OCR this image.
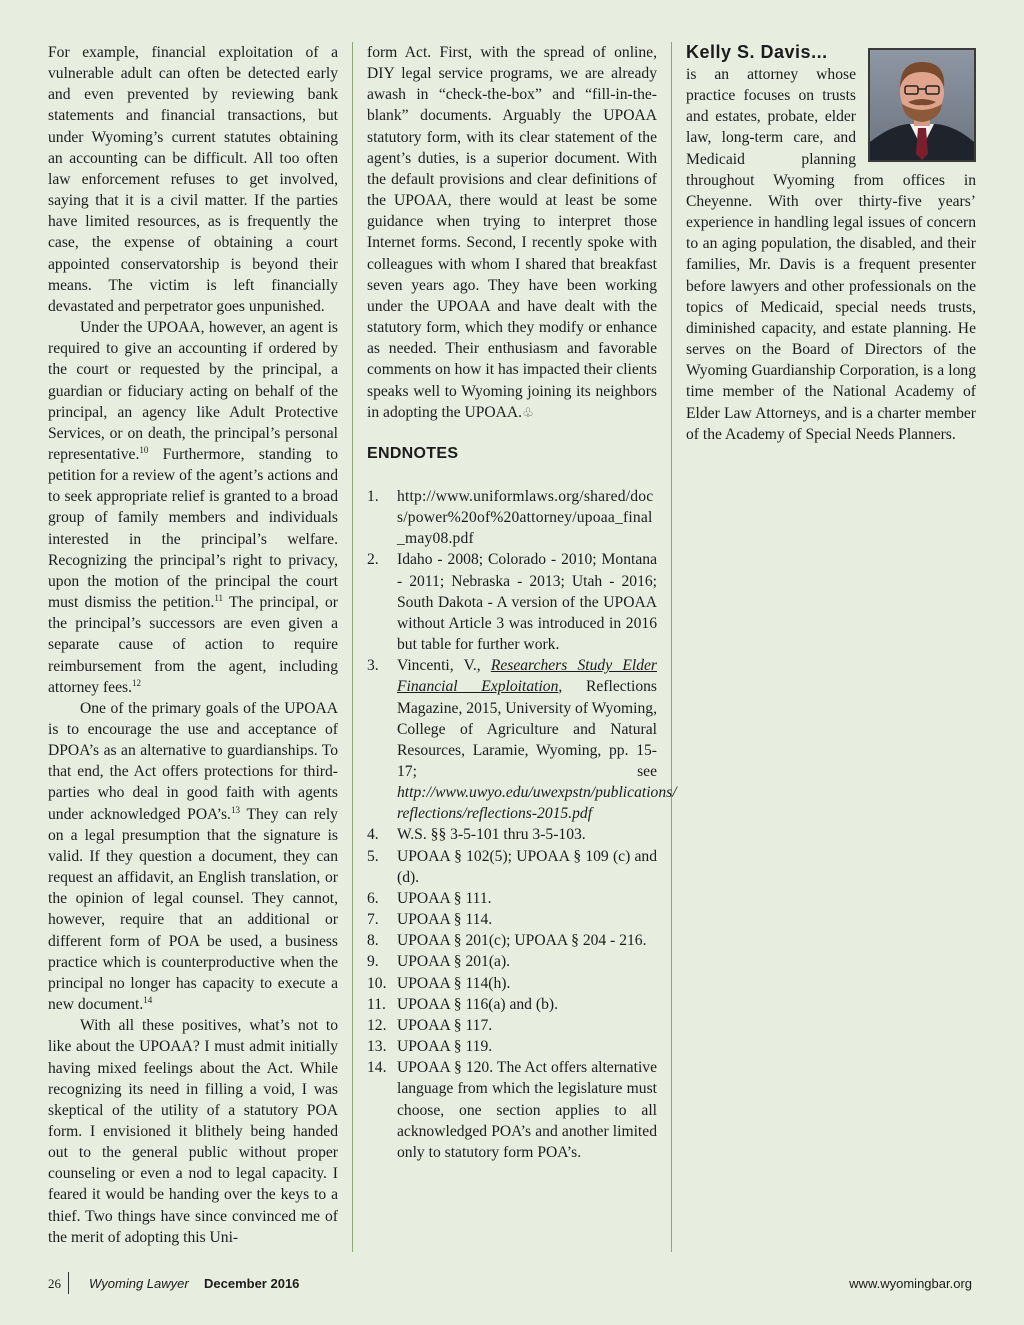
For example, financial exploitation of a vulnerable adult can often be detected early and even prevented by reviewing bank statements and financial transactions, but under Wyoming’s current statutes obtaining an accounting can be difficult. All too often law enforcement refuses to get involved, saying that it is a civil matter. If the parties have limited resources, as is frequently the case, the expense of obtaining a court appointed conservatorship is beyond their means. The victim is left financially devastated and perpetrator goes unpunished.

Under the UPOAA, however, an agent is required to give an accounting if ordered by the court or requested by the principal, a guardian or fiduciary acting on behalf of the principal, an agency like Adult Protective Services, or on death, the principal’s personal representative.$^{10}$ Furthermore, standing to petition for a review of the agent’s actions and to seek appropriate relief is granted to a broad group of family members and individuals interested in the principal’s welfare. Recognizing the principal’s right to privacy, upon the motion of the principal the court must dismiss the petition.$^{11}$ The principal, or the principal’s successors are even given a separate cause of action to require reimbursement from the agent, including attorney fees.$^{12}$

One of the primary goals of the UPOAA is to encourage the use and acceptance of DPOA’s as an alternative to guardianships. To that end, the Act offers protections for third-parties who deal in good faith with agents under acknowledged POA’s.$^{13}$ They can rely on a legal presumption that the signature is valid. If they question a document, they can request an affidavit, an English translation, or the opinion of legal counsel. They cannot, however, require that an additional or different form of POA be used, a business practice which is counterproductive when the principal no longer has capacity to execute a new document.$^{14}$

With all these positives, what’s not to like about the UPOAA? I must admit initially having mixed feelings about the Act. While recognizing its need in filling a void, I was skeptical of the utility of a statutory POA form. I envisioned it blithely being handed out to the general public without proper counseling or even a nod to legal capacity. I feared it would be handing over the keys to a thief. Two things have since convinced me of the merit of adopting this Uni-

form Act. First, with the spread of online, DIY legal service programs, we are already awash in “check-the-box” and “fill-in-the-blank” documents. Arguably the UPOAA statutory form, with its clear statement of the agent’s duties, is a superior document. With the default provisions and clear definitions of the UPOAA, there would at least be some guidance when trying to interpret those Internet forms. Second, I recently spoke with colleagues with whom I shared that breakfast seven years ago. They have been working under the UPOAA and have dealt with the statutory form, which they modify or enhance as needed. Their enthusiasm and favorable comments on how it has impacted their clients speaks well to Wyoming joining its neighbors in adopting the UPOAA.♧

ENDNOTES
1. http://www.uniformlaws.org/shared/docs/power%20of%20attorney/upoaa_final_may08.pdf
2. Idaho - 2008; Colorado - 2010; Montana - 2011; Nebraska - 2013; Utah - 2016; South Dakota - A version of the UPOAA without Article 3 was introduced in 2016 but table for further work.
3. Vincenti, V., Researchers Study Elder Financial Exploitation, Reflections Magazine, 2015, University of Wyoming, College of Agriculture and Natural Resources, Laramie, Wyoming, pp. 15-17; see http://www.uwyo.edu/uwexpstn/publications/ reflections/reflections-2015.pdf
4. W.S. §§ 3-5-101 thru 3-5-103.
5. UPOAA § 102(5); UPOAA § 109 (c) and (d).
6. UPOAA § 111.
7. UPOAA § 114.
8. UPOAA § 201(c); UPOAA § 204 - 216.
9. UPOAA § 201(a).
10. UPOAA § 114(h).
11. UPOAA § 116(a) and (b).
12. UPOAA § 117.
13. UPOAA § 119.
14. UPOAA § 120. The Act offers alternative language from which the legislature must choose, one section applies to all acknowledged POA’s and another limited only to statutory form POA’s.

Kelly S. Davis...
is an attorney whose practice focuses on trusts and estates, probate, elder law, long-term care, and Medicaid planning throughout Wyoming from offices in Cheyenne. With over thirty-five years’ experience in handling legal issues of concern to an aging population, the disabled, and their families, Mr. Davis is a frequent presenter before lawyers and other professionals on the topics of Medicaid, special needs trusts, diminished capacity, and estate planning. He serves on the Board of Directors of the Wyoming Guardianship Corporation, is a long time member of the National Academy of Elder Law Attorneys, and is a charter member of the Academy of Special Needs Planners.

26 Wyoming Lawyer December 2016	www.wyomingbar.org
